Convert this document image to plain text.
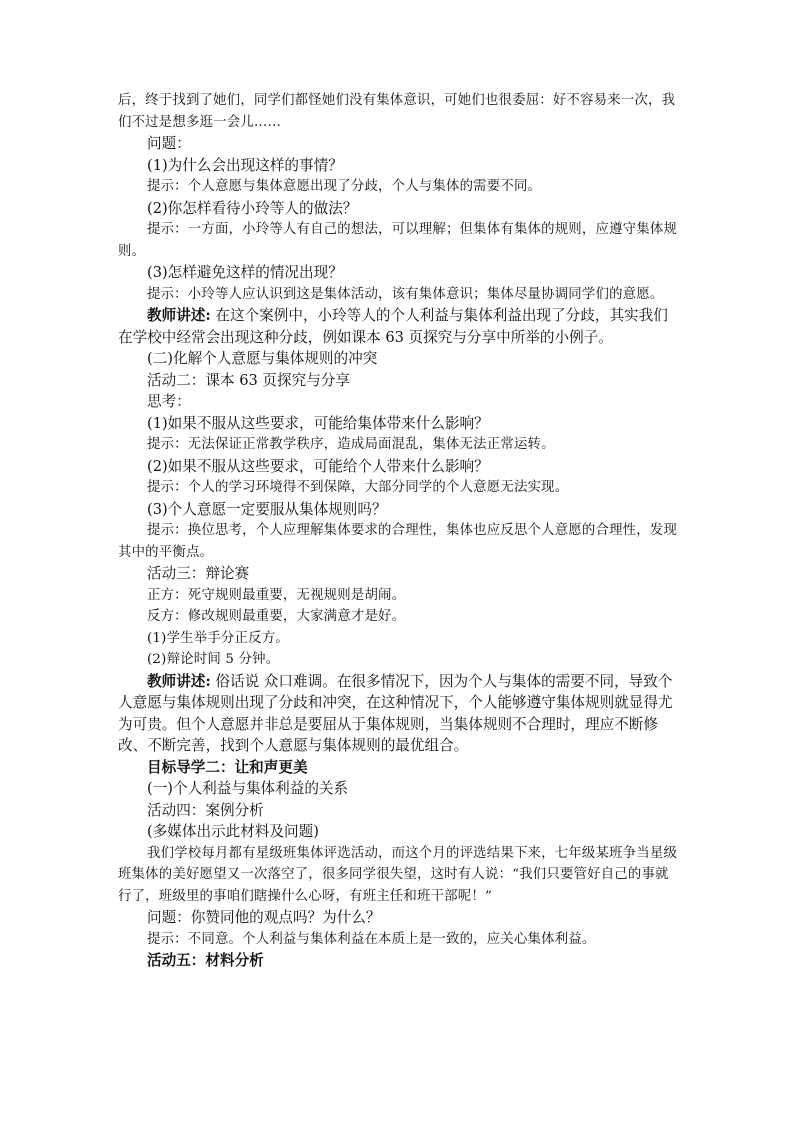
后，终于找到了她们，同学们都怪她们没有集体意识，可她们也很委屈：好不容易来一次，我们不过是想多逛一会儿……

问题：

(1)为什么会出现这样的事情？

提示：个人意愿与集体意愿出现了分歧，个人与集体的需要不同。

(2)你怎样看待小玲等人的做法？

提示：一方面，小玲等人有自己的想法，可以理解；但集体有集体的规则，应遵守集体规则。

(3)怎样避免这样的情况出现？

提示：小玲等人应认识到这是集体活动，该有集体意识；集体尽量协调同学们的意愿。

教师讲述: 在这个案例中，小玲等人的个人利益与集体利益出现了分歧，其实我们在学校中经常会出现这种分歧，例如课本 63 页探究与分享中所举的小例子。

(二)化解个人意愿与集体规则的冲突

活动二：课本 63 页探究与分享

思考：

(1)如果不服从这些要求，可能给集体带来什么影响？

提示：无法保证正常教学秩序，造成局面混乱，集体无法正常运转。

(2)如果不服从这些要求，可能给个人带来什么影响？

提示：个人的学习环境得不到保障，大部分同学的个人意愿无法实现。

(3)个人意愿一定要服从集体规则吗？

提示：换位思考，个人应理解集体要求的合理性，集体也应反思个人意愿的合理性，发现其中的平衡点。

活动三：辩论赛

正方：死守规则最重要，无视规则是胡闹。

反方：修改规则最重要，大家满意才是好。

(1)学生举手分正反方。

(2)辩论时间 5 分钟。

教师讲述: 俗话说 众口难调。在很多情况下，因为个人与集体的需要不同，导致个人意愿与集体规则出现了分歧和冲突，在这种情况下，个人能够遵守集体规则就显得尤为可贵。但个人意愿并非总是要屈从于集体规则，当集体规则不合理时，理应不断修改、不断完善，找到个人意愿与集体规则的最优组合。

目标导学二：让和声更美

(一)个人利益与集体利益的关系

活动四：案例分析

(多媒体出示此材料及问题)

我们学校每月都有星级班集体评选活动，而这个月的评选结果下来，七年级某班争当星级班集体的美好愿望又一次落空了，很多同学很失望，这时有人说：“我们只要管好自己的事就行了，班级里的事咱们瞎操什么心呀，有班主任和班干部呢！”

问题：你赞同他的观点吗？为什么？

提示：不同意。个人利益与集体利益在本质上是一致的，应关心集体利益。

活动五：材料分析
